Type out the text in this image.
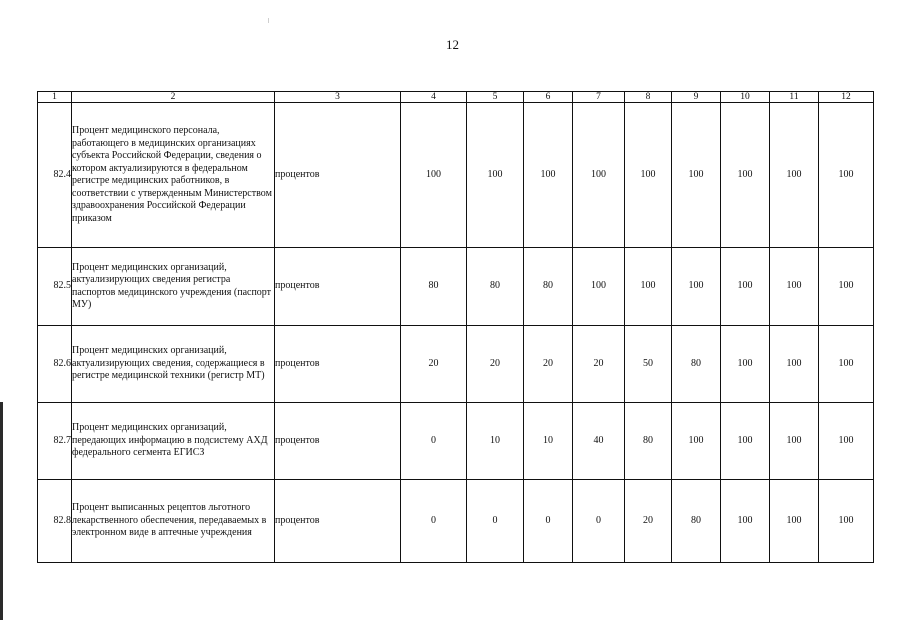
12
1	2	3	4	5	6	7	8	9	10	11	12
82.4	Процент медицинского персонала, работающего в медицинских организациях субъекта Российской Федерации, сведения о котором актуализируются в федеральном регистре медицинских работников, в соответствии с утвержденным Министерством здравоохранения Российской Федерации приказом	процентов	100	100	100	100	100	100	100	100	100
82.5	Процент медицинских организаций, актуализирующих сведения регистра паспортов медицинского учреждения (паспорт МУ)	процентов	80	80	80	100	100	100	100	100	100
82.6	Процент медицинских организаций, актуализирующих сведения, содержащиеся в регистре медицинской техники (регистр МТ)	процентов	20	20	20	20	50	80	100	100	100
82.7	Процент медицинских организаций, передающих информацию в подсистему АХД федерального сегмента ЕГИСЗ	процентов	0	10	10	40	80	100	100	100	100
82.8	Процент выписанных рецептов льготного лекарственного обеспечения, передаваемых в электронном виде в аптечные учреждения	процентов	0	0	0	0	20	80	100	100	100
